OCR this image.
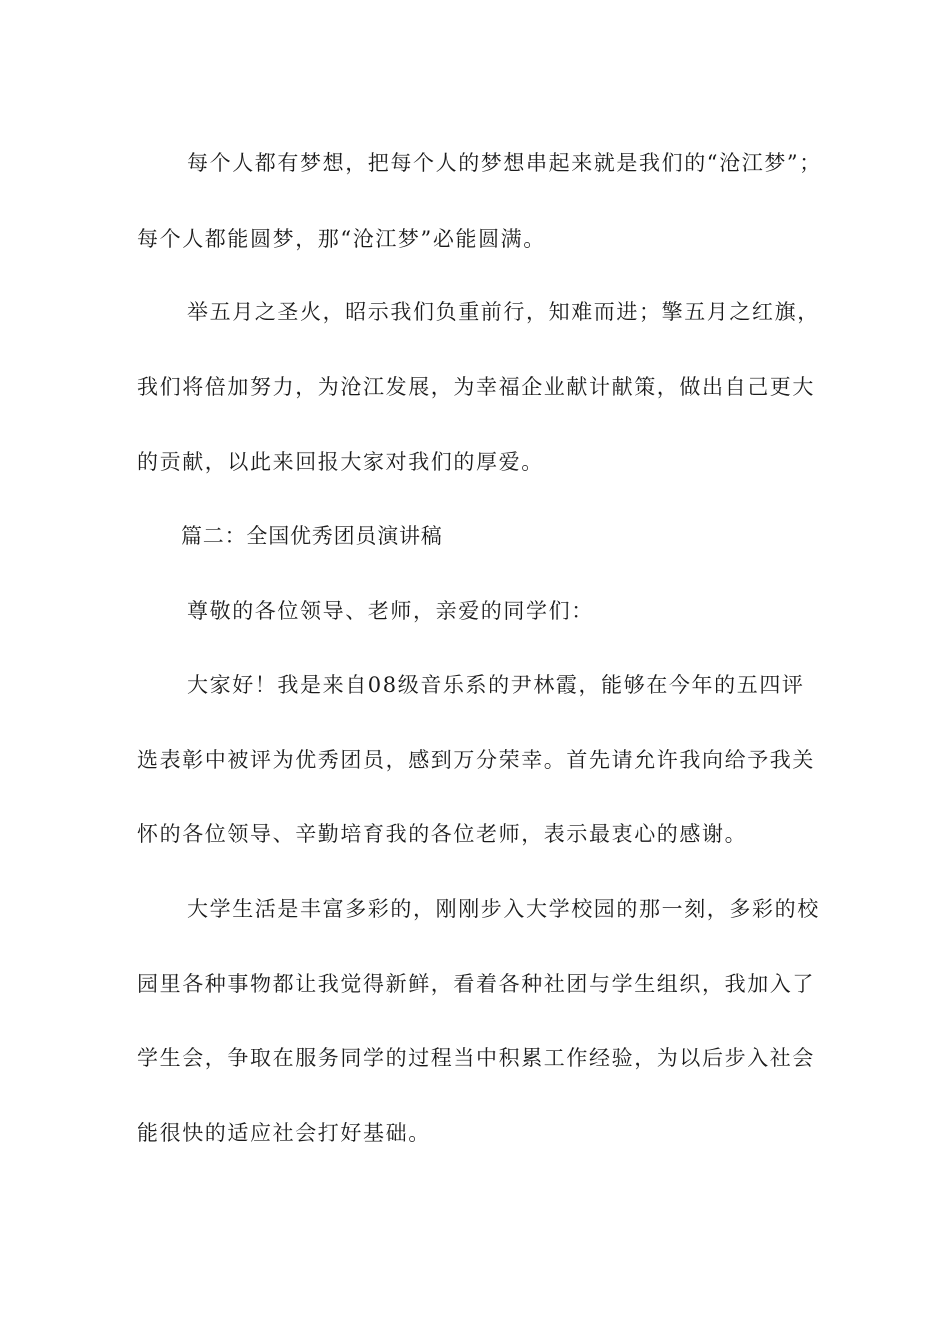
每个人都有梦想，把每个人的梦想串起来就是我们的“沧江梦”；

每个人都能圆梦，那“沧江梦”必能圆满。

举五月之圣火，昭示我们负重前行，知难而进；擎五月之红旗，

我们将倍加努力，为沧江发展，为幸福企业献计献策，做出自己更大

的贡献，以此来回报大家对我们的厚爱。

篇二：全国优秀团员演讲稿

尊敬的各位领导、老师，亲爱的同学们：

大家好！我是来自08级音乐系的尹林霞，能够在今年的五四评

选表彰中被评为优秀团员，感到万分荣幸。首先请允许我向给予我关

怀的各位领导、辛勤培育我的各位老师，表示最衷心的感谢。

大学生活是丰富多彩的，刚刚步入大学校园的那一刻，多彩的校

园里各种事物都让我觉得新鲜，看着各种社团与学生组织，我加入了

学生会，争取在服务同学的过程当中积累工作经验，为以后步入社会

能很快的适应社会打好基础。
